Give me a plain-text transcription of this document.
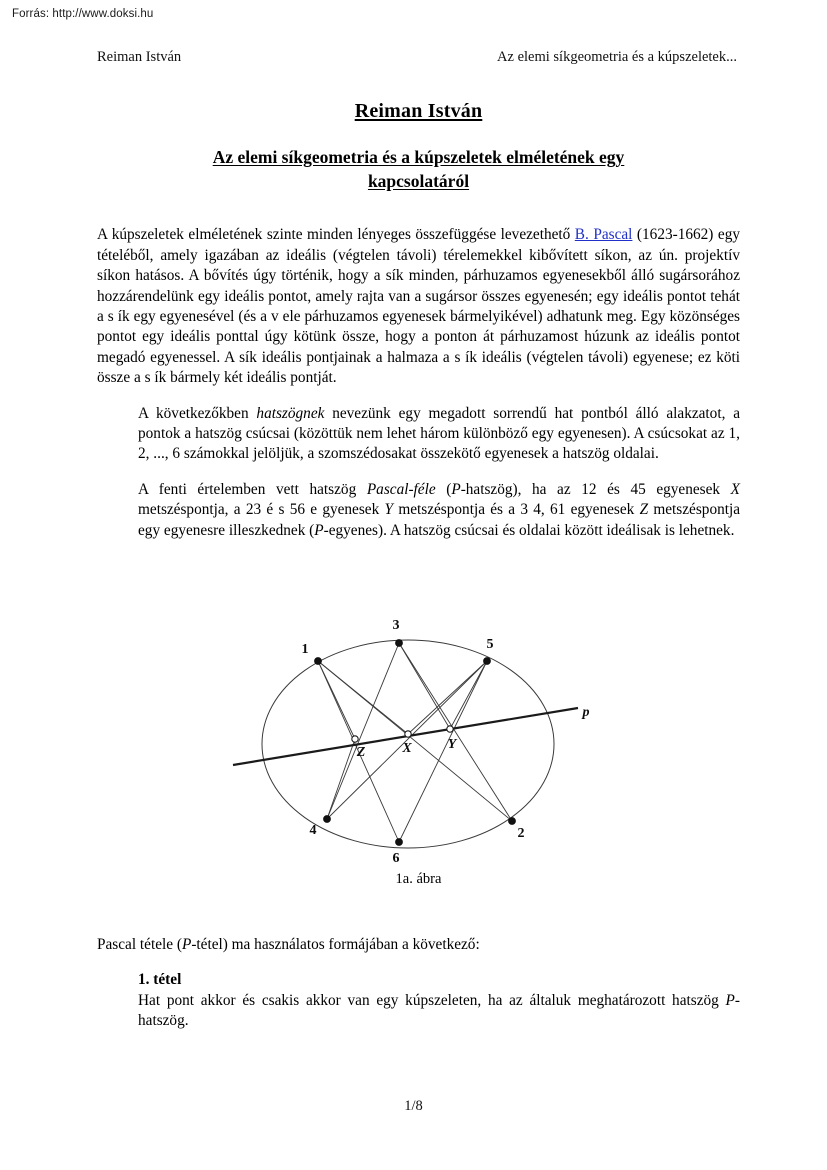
Forrás: http://www.doksi.hu
Reiman István	Az elemi síkgeometria és a kúpszeletek...
Reiman István
Az elemi síkgeometria és a kúpszeletek elméletének egy
kapcsolatáról

A kúpszeletek elméletének szinte minden lényeges összefüggése levezethető B. Pascal (1623-1662) egy tételéből, amely igazában az ideális (végtelen távoli) térelemekkel kibővített síkon, az ún. projektív síkon hatásos. A bővítés úgy történik, hogy a sík minden, párhuzamos egyenesekből álló sugársorához hozzárendelünk egy ideális pontot, amely rajta van a sugársor összes egyenesén; egy ideális pontot tehát a s ík egy egyenesével (és a v ele párhuzamos egyenesek bármelyikével) adhatunk meg. Egy közönséges pontot egy ideális ponttal úgy kötünk össze, hogy a ponton át párhuzamost húzunk az ideális pontot megadó egyenessel. A sík ideális pontjainak a halmaza a s ík ideális (végtelen távoli) egyenese; ez köti össze a s ík bármely két ideális pontját.

A következőkben hatszögnek nevezünk egy megadott sorrendű hat pontból álló alakzatot, a pontok a hatszög csúcsai (közöttük nem lehet három különböző egy egyenesen). A csúcsokat az 1, 2, ..., 6 számokkal jelöljük, a szomszédosakat összekötő egyenesek a hatszög oldalai.

A fenti értelemben vett hatszög Pascal-féle (P-hatszög), ha az 12 és 45 egyenesek X metszéspontja, a 23 é s 56 e gyenesek Y metszéspontja és a 3 4, 61 egyenesek Z metszéspontja egy egyenesre illeszkednek (P-egyenes). A hatszög csúcsai és oldalai között ideálisak is lehetnek.

1
2
3
4
5
6
X	Y
Z
p
1a. ábra

Pascal tétele (P-tétel) ma használatos formájában a következő:

1. tétel

Hat pont akkor és csakis akkor van egy kúpszeleten, ha az általuk meghatározott hatszög P-hatszög.

1/8
